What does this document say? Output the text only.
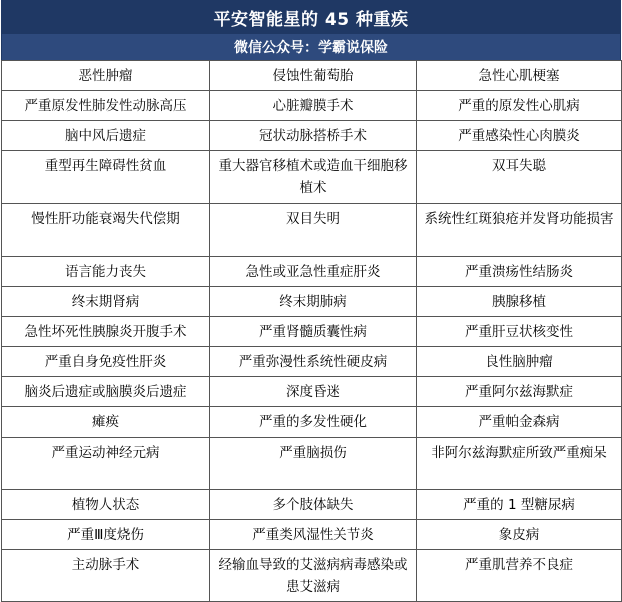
平安智能星的 45 种重疾
微信公众号：学霸说保险
恶性肿瘤	侵蚀性葡萄胎	急性心肌梗塞
严重原发性肺发性动脉高压	心脏瓣膜手术	严重的原发性心肌病
脑中风后遗症	冠状动脉搭桥手术	严重感染性心肉膜炎
重型再生障碍性贫血	重大器官移植术或造血干细胞移植术	双耳失聪
慢性肝功能衰竭失代偿期	双目失明	系统性红斑狼疮并发肾功能损害
语言能力丧失	急性或亚急性重症肝炎	严重溃疡性结肠炎
终末期肾病	终末期肺病	胰腺移植
急性坏死性胰腺炎开腹手术	严重肾髓质囊性病	严重肝豆状核变性
严重自身免疫性肝炎	严重弥漫性系统性硬皮病	良性脑肿瘤
脑炎后遗症或脑膜炎后遗症	深度昏迷	严重阿尔兹海默症
瘫痪	严重的多发性硬化	严重帕金森病
严重运动神经元病	严重脑损伤	非阿尔兹海默症所致严重痴呆
植物人状态	多个肢体缺失	严重的 1 型糖尿病
严重Ⅲ度烧伤	严重类风湿性关节炎	象皮病
主动脉手术	经输血导致的艾滋病病毒感染或患艾滋病	严重肌营养不良症
